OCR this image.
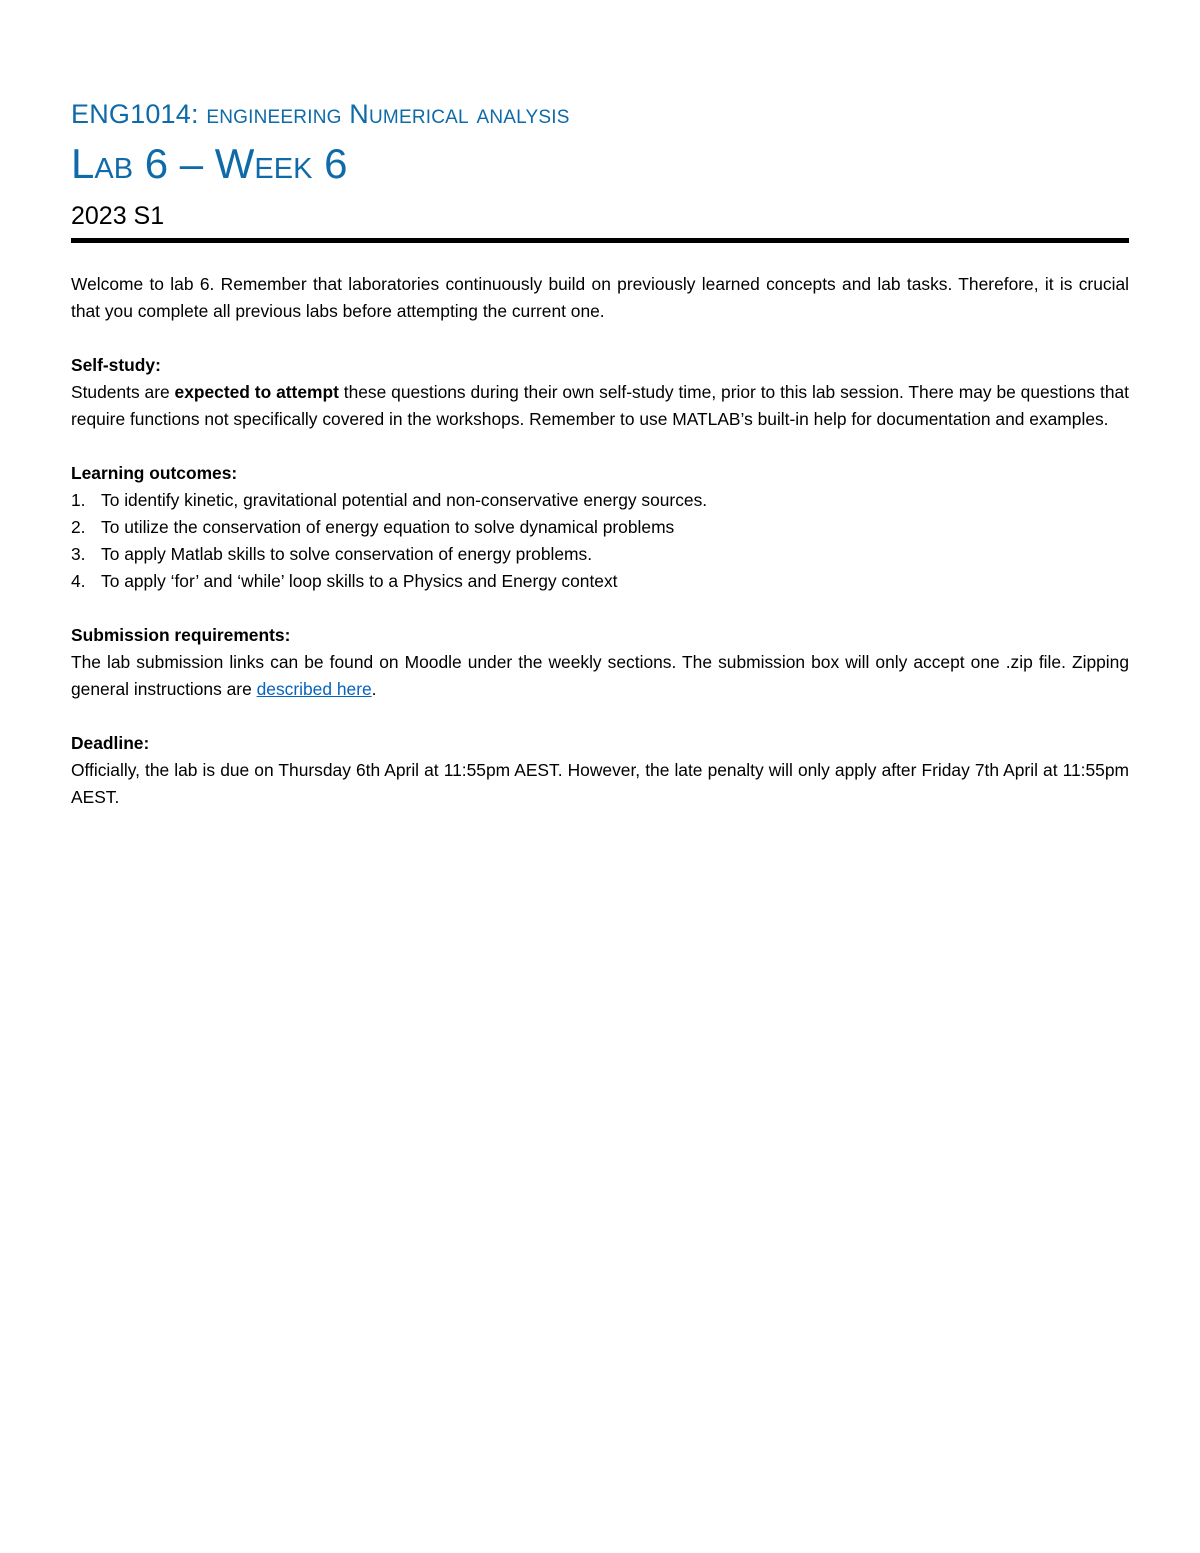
ENG1014: engineering Numerical analysis
Lab 6 – Week 6
2023 S1

Welcome to lab 6. Remember that laboratories continuously build on previously learned concepts and lab tasks. Therefore, it is crucial that you complete all previous labs before attempting the current one.

Self-study:

Students are expected to attempt these questions during their own self-study time, prior to this lab session. There may be questions that require functions not specifically covered in the workshops. Remember to use MATLAB’s built-in help for documentation and examples.

Learning outcomes:

1. To identify kinetic, gravitational potential and non-conservative energy sources.
2. To utilize the conservation of energy equation to solve dynamical problems
3. To apply Matlab skills to solve conservation of energy problems.
4. To apply ‘for’ and ‘while’ loop skills to a Physics and Energy context

Submission requirements:

The lab submission links can be found on Moodle under the weekly sections. The submission box will only accept one .zip file. Zipping general instructions are described here.

Deadline:

Officially, the lab is due on Thursday 6th April at 11:55pm AEST. However, the late penalty will only apply after Friday 7th April at 11:55pm AEST.
